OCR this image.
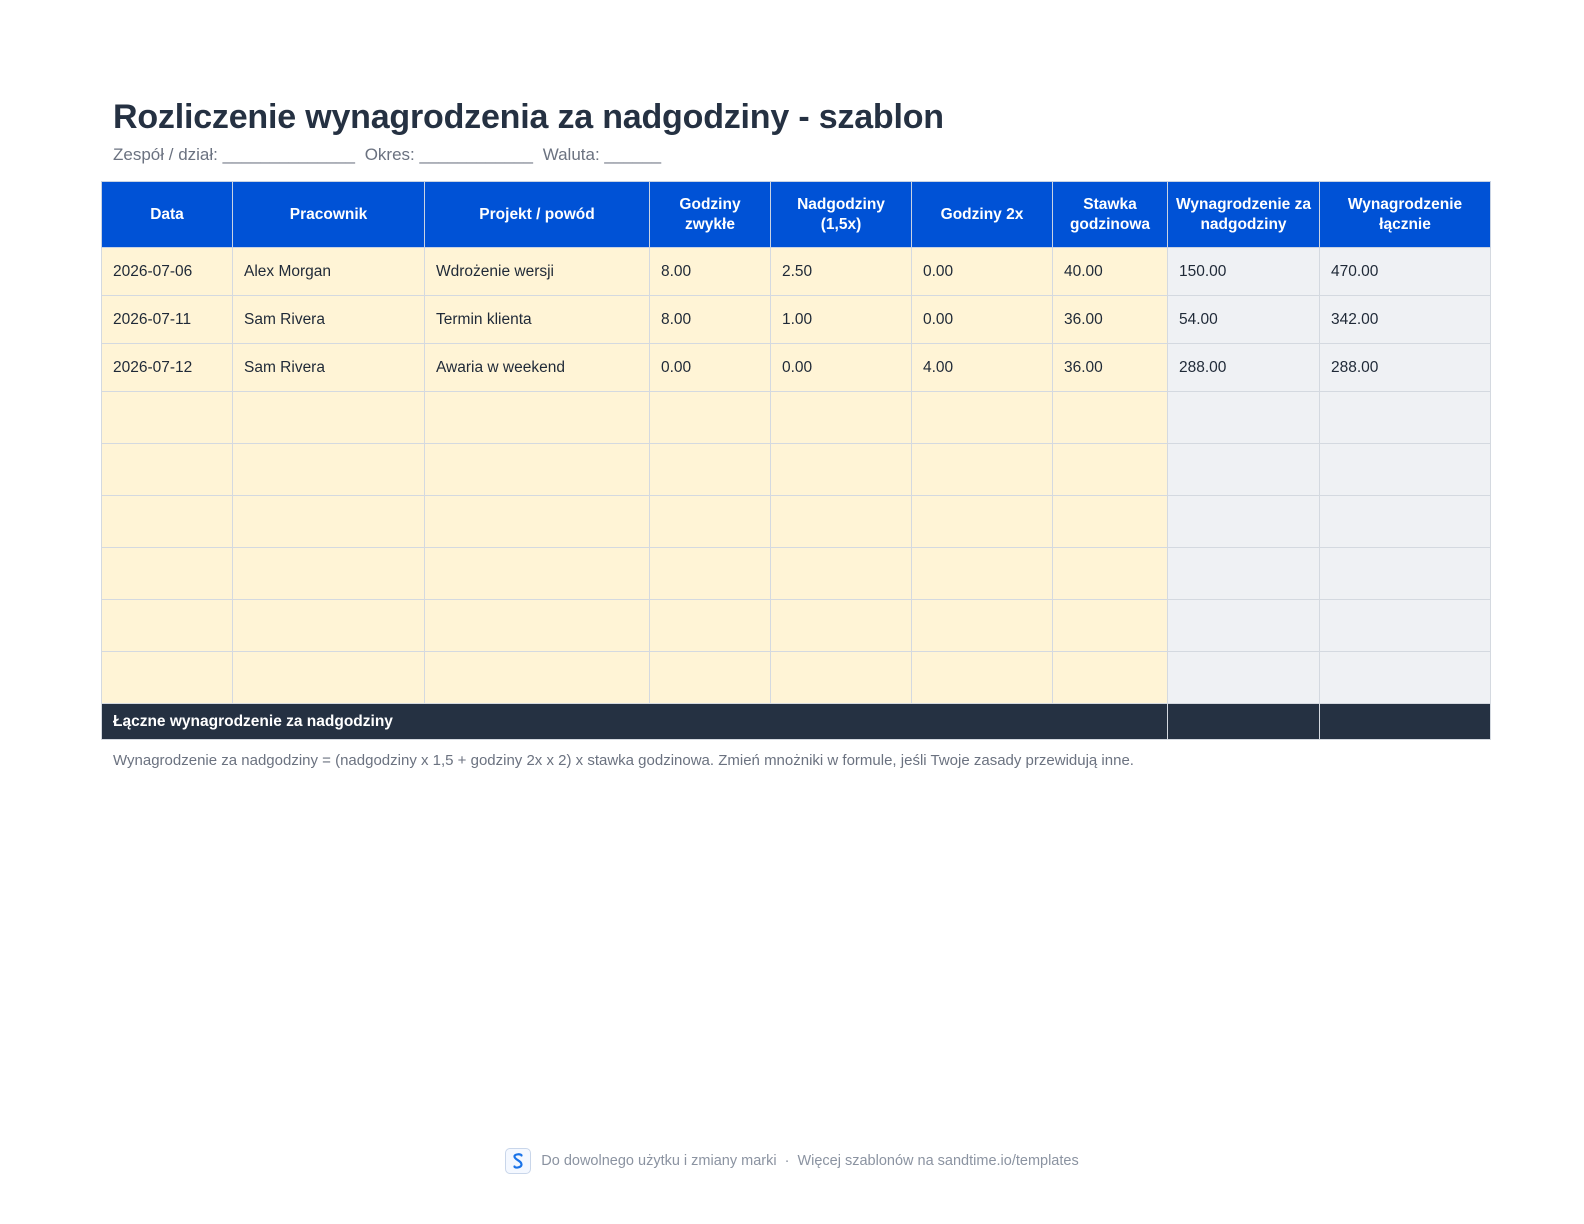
Rozliczenie wynagrodzenia za nadgodziny - szablon
Zespół / dział: ______________ Okres: ____________ Waluta: ______
Data	Pracownik	Projekt / powód	Godziny zwykłe	Nadgodziny (1,5x)	Godziny 2x	Stawka godzinowa	Wynagrodzenie za nadgodziny	Wynagrodzenie łącznie
2026-07-06	Alex Morgan	Wdrożenie wersji	8.00	2.50	0.00	40.00	150.00	470.00
2026-07-11	Sam Rivera	Termin klienta	8.00	1.00	0.00	36.00	54.00	342.00
2026-07-12	Sam Rivera	Awaria w weekend	0.00	0.00	4.00	36.00	288.00	288.00

Łączne wynagrodzenie za nadgodziny								
Wynagrodzenie za nadgodziny = (nadgodziny x 1,5 + godziny 2x x 2) x stawka godzinowa. Zmień mnożniki w formule, jeśli Twoje zasady przewidują inne.
Do dowolnego użytku i zmiany marki · Więcej szablonów na sandtime.io/templates
